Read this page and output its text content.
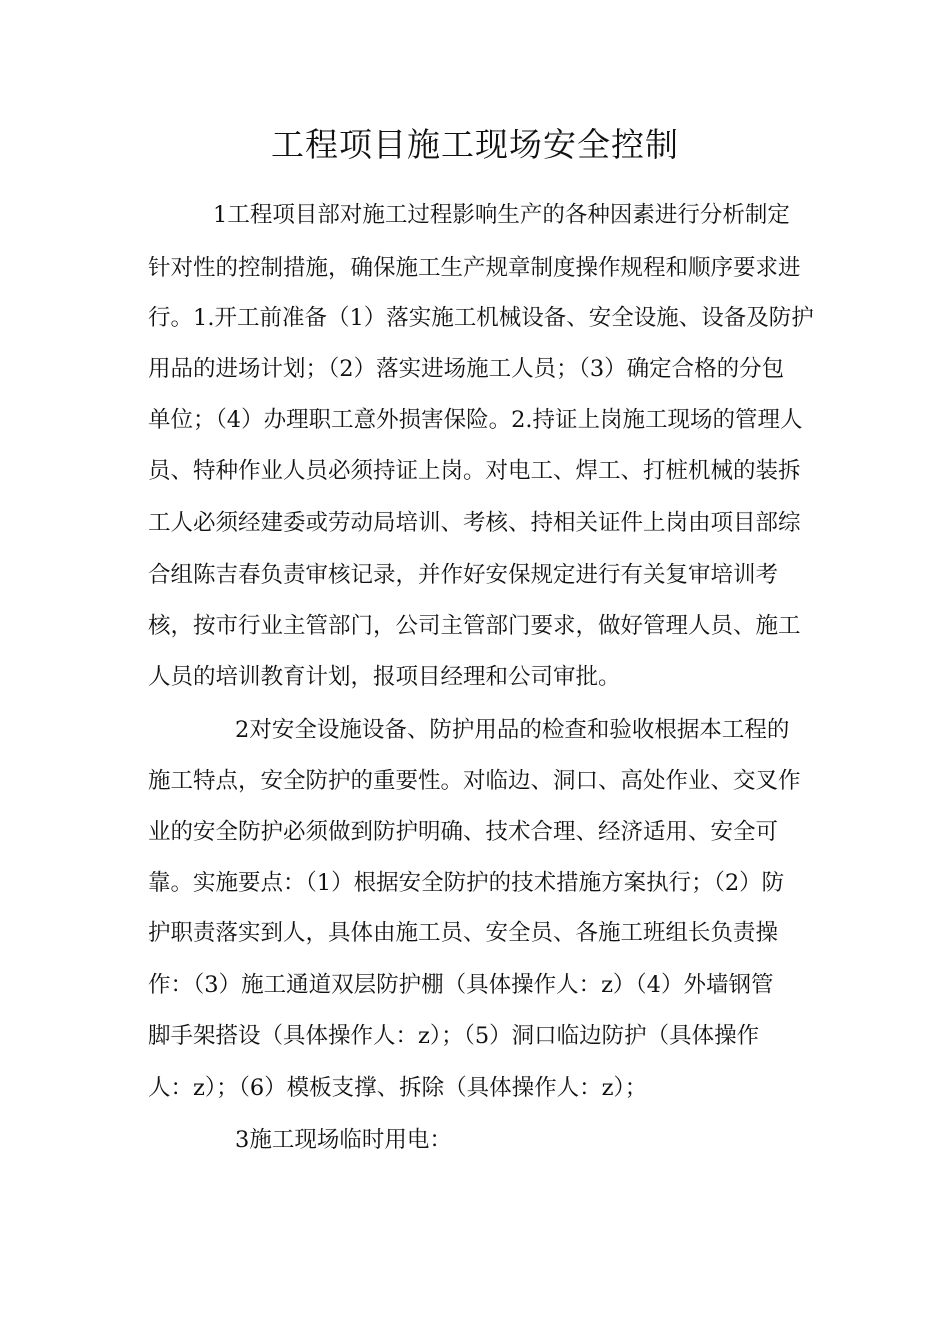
工程项目施工现场安全控制

1工程项目部对施工过程影响生产的各种因素进行分析制定

针对性的控制措施，确保施工生产规章制度操作规程和顺序要求进

行。1.开工前准备（1）落实施工机械设备、安全设施、设备及防护

用品的进场计划；（2）落实进场施工人员；（3）确定合格的分包

单位；（4）办理职工意外损害保险。2.持证上岗施工现场的管理人

员、特种作业人员必须持证上岗。对电工、焊工、打桩机械的装拆

工人必须经建委或劳动局培训、考核、持相关证件上岗由项目部综

合组陈吉春负责审核记录，并作好安保规定进行有关复审培训考

核，按市行业主管部门，公司主管部门要求，做好管理人员、施工

人员的培训教育计划，报项目经理和公司审批。

2对安全设施设备、防护用品的检查和验收根据本工程的

施工特点，安全防护的重要性。对临边、洞口、高处作业、交叉作

业的安全防护必须做到防护明确、技术合理、经济适用、安全可

靠。实施要点：（1）根据安全防护的技术措施方案执行；（2）防

护职责落实到人，具体由施工员、安全员、各施工班组长负责操

作：（3）施工通道双层防护棚（具体操作人：z）（4）外墙钢管

脚手架搭设（具体操作人：z）；（5）洞口临边防护（具体操作

人：z）；（6）模板支撑、拆除（具体操作人：z）；

3施工现场临时用电：
